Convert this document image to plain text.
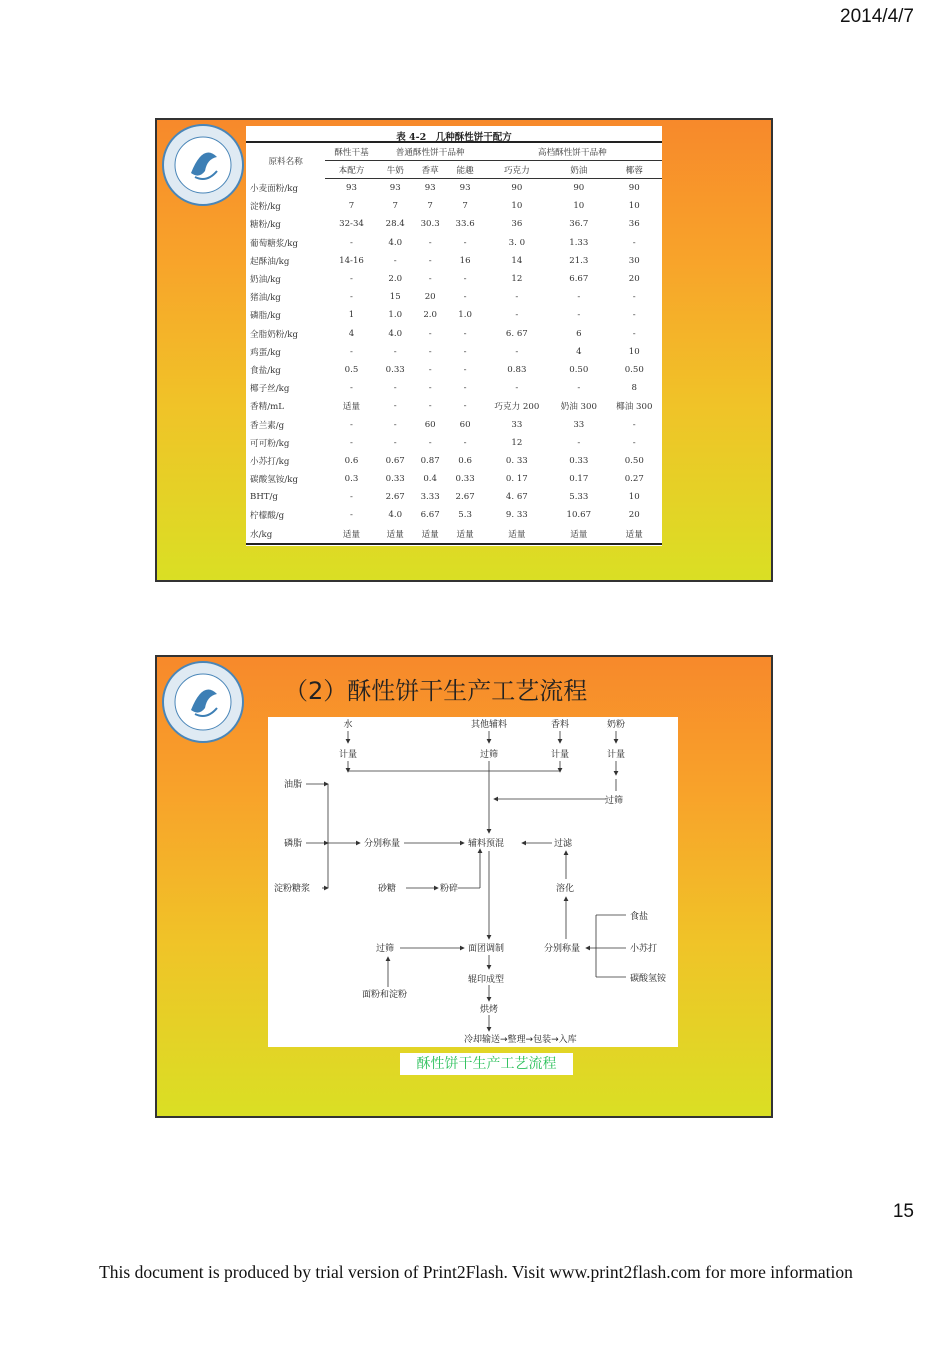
2014/4/7
表 4-2　几种酥性饼干配方
原料名称	酥性干基	普通酥性饼干品种			高档酥性饼干品种		
	本配方	牛奶	香草	能趣	巧克力	奶油	椰蓉
小麦面粉/kg	93	93	93	93	90	90	90
淀粉/kg	7	7	7	7	10	10	10
糖粉/kg	32-34	28.4	30.3	33.6	36	36.7	36
葡萄糖浆/kg	-	4.0	-	-	3. 0	1.33	-
起酥油/kg	14-16	-	-	16	14	21.3	30
奶油/kg	-	2.0	-	-	12	6.67	20
猪油/kg	-	15	20	-	-	-	-
磷脂/kg	1	1.0	2.0	1.0	-	-	-
全脂奶粉/kg	4	4.0	-	-	6. 67	6	-
鸡蛋/kg	-	-	-	-	-	4	10
食盐/kg	0.5	0.33	-	-	0.83	0.50	0.50
椰子丝/kg	-	-	-	-	-	-	8
香精/mL	适量	-	-	-	巧克力 200	奶油 300	椰油 300
香兰素/g	-	-	60	60	33	33	-
可可粉/kg	-	-	-	-	12	-	-
小苏打/kg	0.6	0.67	0.87	0.6	0. 33	0.33	0.50
碳酸氢铵/kg	0.3	0.33	0.4	0.33	0. 17	0.17	0.27
BHT/g	-	2.67	3.33	2.67	4. 67	5.33	10
柠檬酸/g	-	4.0	6.67	5.3	9. 33	10.67	20
水/kg	适量	适量	适量	适量	适量	适量	适量
（2）酥性饼干生产工艺流程
水	其他辅料	香料	奶粉
计量	过筛	计量	计量
油脂
过筛
磷脂	分别称量	辅料预混	过滤
淀粉糖浆	砂糖	粉碎	溶化
食盐
过筛	面团调制	分别称量	小苏打
碳酸氢铵
辊印成型
面粉和淀粉
烘烤
冷却输送→整理→包装→入库
酥性饼干生产工艺流程
15
This document is produced by trial version of Print2Flash. Visit www.print2flash.com for more information
